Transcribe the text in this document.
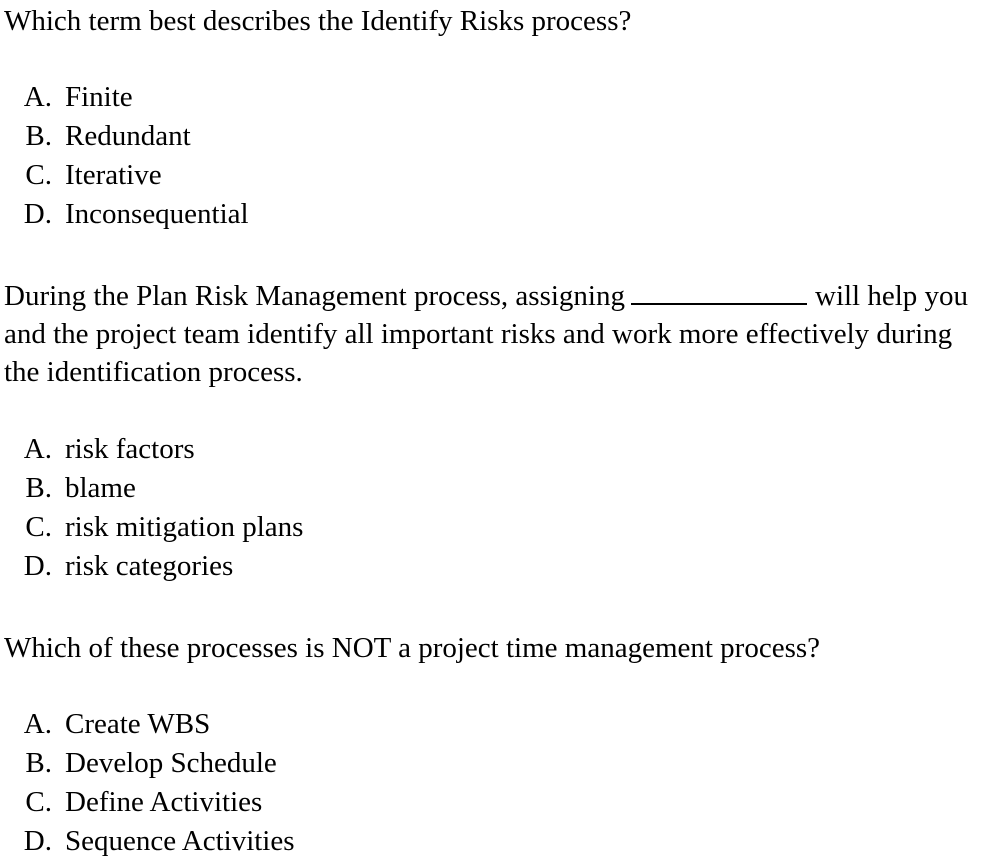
Which term best describes the Identify Risks process?

A. Finite
B. Redundant
C. Iterative
D. Inconsequential

During the Plan Risk Management process, assigning	will help you and the project team identify all important risks and work more effectively during the identification process.

A. risk factors
B. blame
C. risk mitigation plans
D. risk categories

Which of these processes is NOT a project time management process?

A. Create WBS
B. Develop Schedule
C. Define Activities
D. Sequence Activities
